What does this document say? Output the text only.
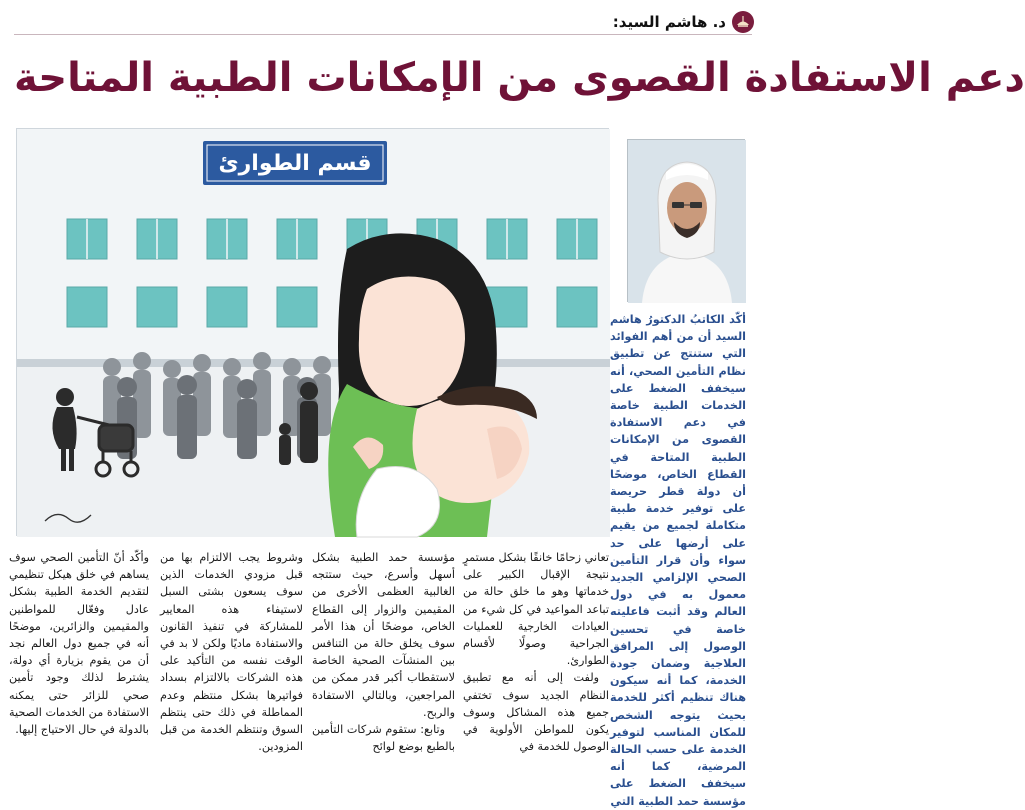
د. هاشم السيد:
دعم الاستفادة القصوى من الإمكانات الطبية المتاحة
قسم الطوارئ

أكّد الكاتبُ الدكتورُ هاشم السيد أن من أهم الفوائد التي ستنتج عن تطبيق نظام التأمين الصحي، أنه سيخفف الضغط على الخدمات الطبية خاصة في دعم الاستفادة القصوى من الإمكانات الطبية المتاحة في القطاع الخاص، موضحًا أن دولة قطر حريصة على توفير خدمة طبية متكاملة لجميع من يقيم على أرضها على حد سواء وأن قرار التأمين الصحي الإلزامي الجديد معمول به في دول العالم وقد أثبت فاعليته خاصة في تحسين الوصول إلى المرافق العلاجية وضمان جودة الخدمة، كما أنه سيكون هناك تنظيم أكثر للخدمة بحيث يتوجه الشخص للمكان المناسب لتوفير الخدمة على حسب الحالة المرضية، كما أنه سيخفف الضغط على مؤسسة حمد الطبية التي

تعاني زحامًا خانقًا بشكل مستمرٍ نتيجة الإقبال الكبير على خدماتها وهو ما خلق حالة من تباعد المواعيد في كل شيء من العيادات الخارجية للعمليات الجراحية وصولًا لأقسام الطوارئ.

ولفت إلى أنه مع تطبيق النظام الجديد سوف تختفي جميع هذه المشاكل وسوف يكون للمواطن الأولوية في الوصول للخدمة في

مؤسسة حمد الطبية بشكل أسهل وأسرع، حيث ستتجه الغالبية العظمى الأخرى من المقيمين والزوار إلى القطاع الخاص، موضحًا أن هذا الأمر سوف يخلق حالة من التنافس بين المنشآت الصحية الخاصة لاستقطاب أكبر قدر ممكن من المراجعين، وبالتالي الاستفادة والربح.

وتابع: ستقوم شركات التأمين بالطبع بوضع لوائح

وشروط يجب الالتزام بها من قبل مزودي الخدمات الذين سوف يسعون بشتى السبل لاستيفاء هذه المعايير للمشاركة في تنفيذ القانون والاستفادة ماديًا ولكن لا بد في الوقت نفسه من التأكيد على هذه الشركات بالالتزام بسداد فواتيرها بشكل منتظم وعدم المماطلة في ذلك حتى ينتظم السوق وتنتظم الخدمة من قبل المزودين.

وأكّد أنّ التأمين الصحي سوف يساهم في خلق هيكل تنظيمي لتقديم الخدمة الطبية بشكل عادل وفعّال للمواطنين والمقيمين والزائرين، موضحًا أنه في جميع دول العالم نجد أن من يقوم بزيارة أي دولة، يشترط لذلك وجود تأمين صحي للزائر حتى يمكنه الاستفادة من الخدمات الصحية بالدولة في حال الاحتياج إليها.
